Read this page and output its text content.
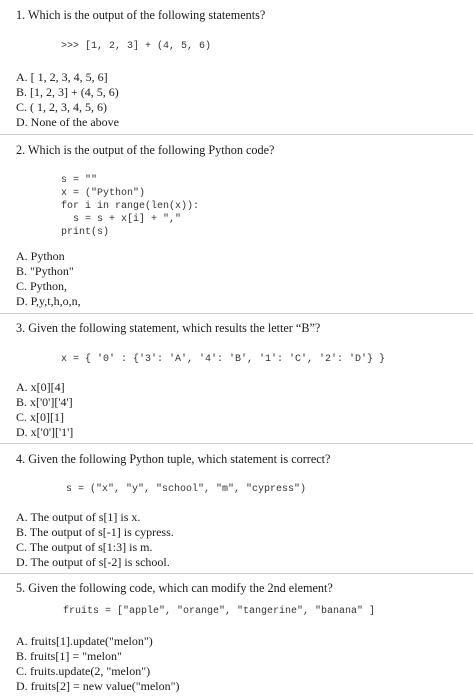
1. Which is the output of the following statements?
>>> [1, 2, 3] + (4, 5, 6)
A. [ 1, 2, 3, 4, 5, 6]
B. [1, 2, 3] + (4, 5, 6)
C. ( 1, 2, 3, 4, 5, 6)
D. None of the above
2. Which is the output of the following Python code?
s = ""
x = ("Python")
for i in range(len(x)):
s = s + x[i] + ","
print(s)
A. Python
B. "Python"
C. Python,
D. P,y,t,h,o,n,
3. Given the following statement, which results the letter “B”?
x = { '0' : {'3': 'A', '4': 'B', '1': 'C', '2': 'D'} }
A. x[0][4]
B. x['0']['4']
C. x[0][1]
D. x['0']['1']
4. Given the following Python tuple, which statement is correct?
s = ("x", "y", "school", "m", "cypress")
A. The output of s[1] is x.
B. The output of s[-1] is cypress.
C. The output of s[1:3] is m.
D. The output of s[-2] is school.
5. Given the following code, which can modify the 2nd element?
fruits = ["apple", "orange", "tangerine", "banana" ]
A. fruits[1].update("melon")
B. fruits[1] = "melon"
C. fruits.update(2, "melon")
D. fruits[2] = new value("melon")
